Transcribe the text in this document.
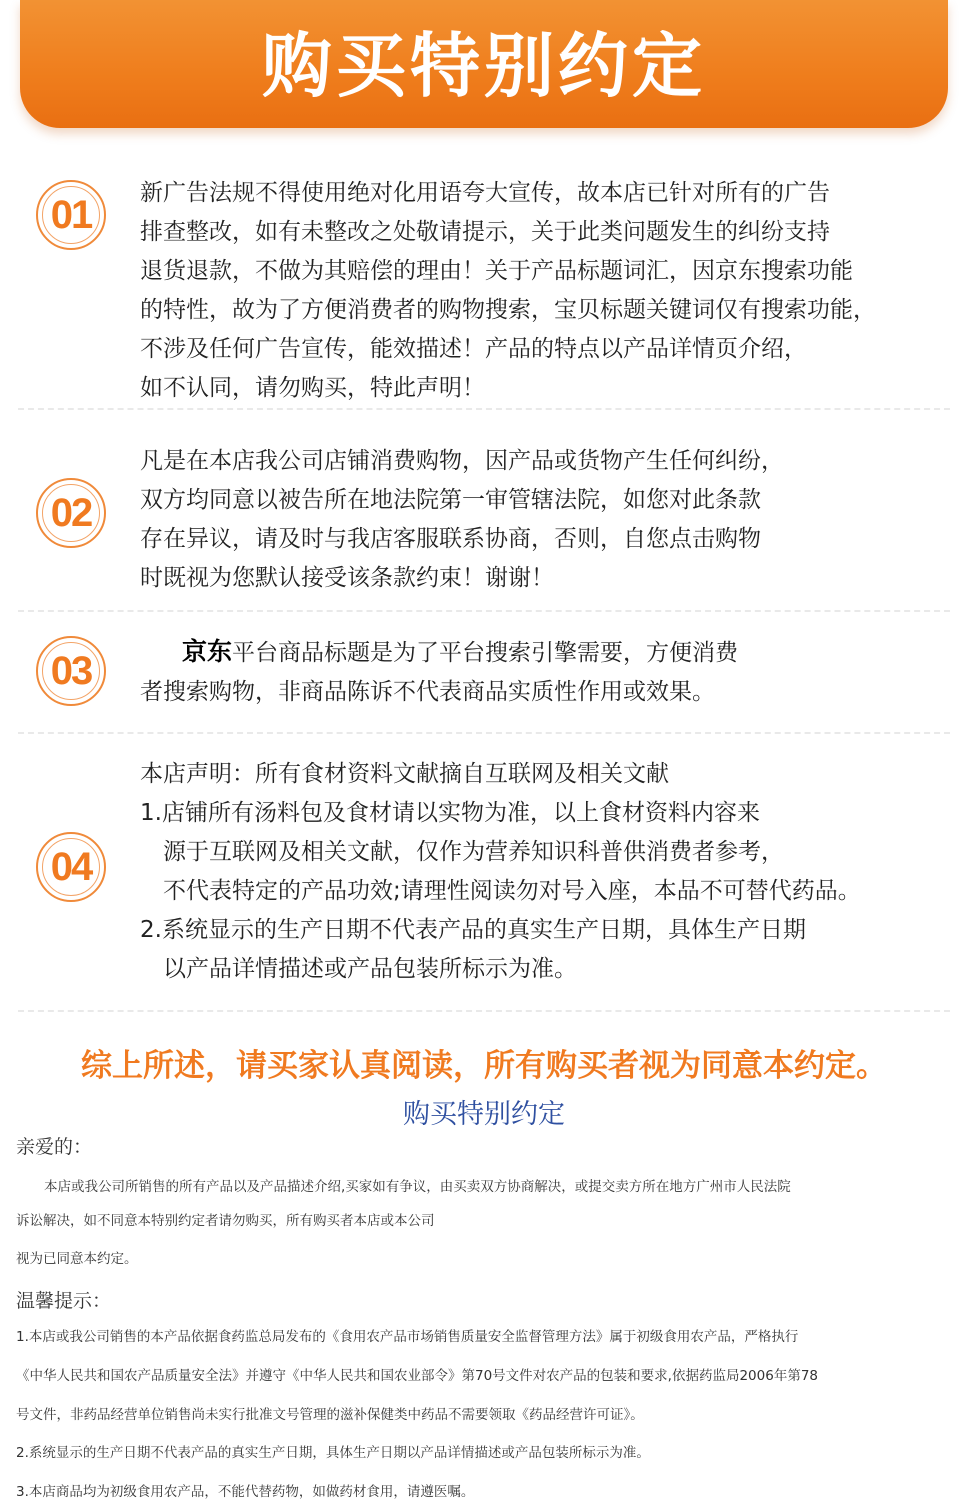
购买特别约定
01	新广告法规不得使用绝对化用语夸大宣传，故本店已针对所有的广告
排查整改，如有未整改之处敬请提示，关于此类问题发生的纠纷支持
退货退款，不做为其赔偿的理由！关于产品标题词汇，因京东搜索功能
的特性，故为了方便消费者的购物搜索，宝贝标题关键词仅有搜索功能，
不涉及任何广告宣传，能效描述！产品的特点以产品详情页介绍，
如不认同，请勿购买，特此声明！
02
凡是在本店我公司店铺消费购物，因产品或货物产生任何纠纷，
双方均同意以被告所在地法院第一审管辖法院，如您对此条款
存在异议，请及时与我店客服联系协商，否则，自您点击购物
时既视为您默认接受该条款约束！谢谢！
03	京东平台商品标题是为了平台搜索引擎需要，方便消费
者搜索购物，非商品陈诉不代表商品实质性作用或效果。
04
本店声明：所有食材资料文献摘自互联网及相关文献
1.店铺所有汤料包及食材请以实物为准，以上食材资料内容来
源于互联网及相关文献，仅作为营养知识科普供消费者参考，
不代表特定的产品功效;请理性阅读勿对号入座，本品不可替代药品。
2.系统显示的生产日期不代表产品的真实生产日期，具体生产日期
以产品详情描述或产品包装所标示为准。
综上所述，请买家认真阅读，所有购买者视为同意本约定。
购买特别约定
亲爱的：
本店或我公司所销售的所有产品以及产品描述介绍,买家如有争议，由买卖双方协商解决，或提交卖方所在地方广州市人民法院
诉讼解决，如不同意本特别约定者请勿购买，所有购买者本店或本公司
视为已同意本约定。
温馨提示：
1.本店或我公司销售的本产品依据食药监总局发布的《食用农产品市场销售质量安全监督管理方法》属于初级食用农产品，严格执行
《中华人民共和国农产品质量安全法》并遵守《中华人民共和国农业部令》第70号文件对农产品的包装和要求,依据药监局2006年第78
号文件，非药品经营单位销售尚未实行批准文号管理的滋补保健类中药品不需要领取《药品经营许可证》。
2.系统显示的生产日期不代表产品的真实生产日期，具体生产日期以产品详情描述或产品包装所标示为准。
3.本店商品均为初级食用农产品，不能代替药物，如做药材食用，请遵医嘱。
